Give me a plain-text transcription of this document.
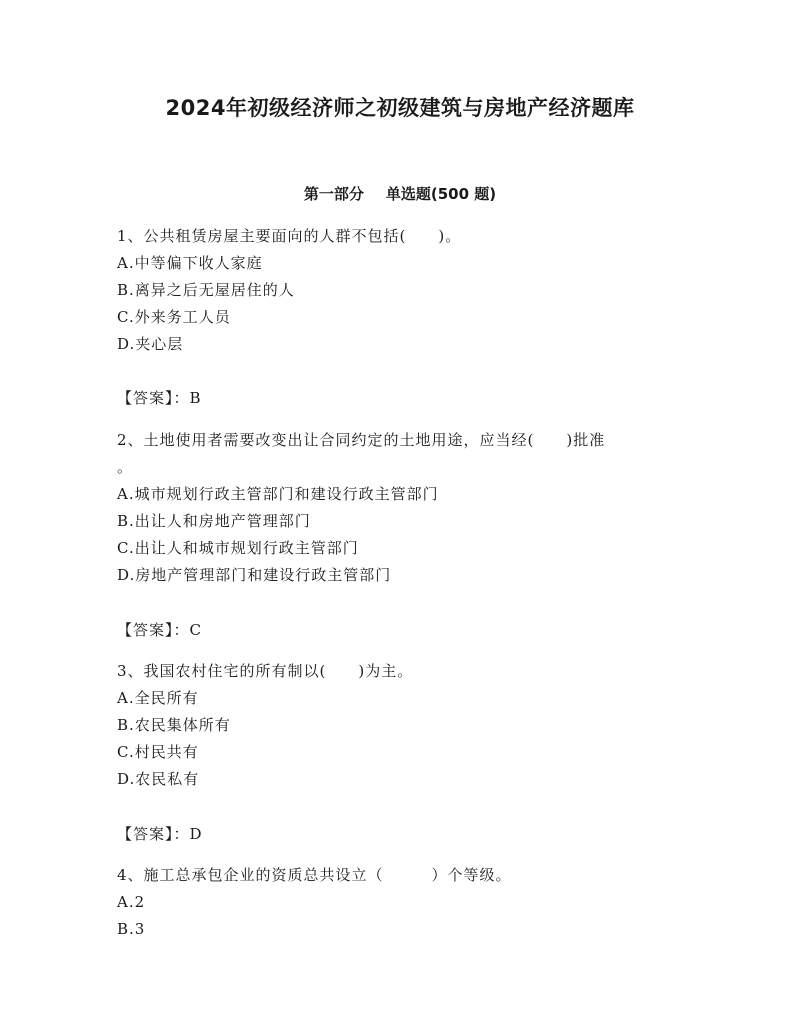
2024年初级经济师之初级建筑与房地产经济题库
第一部分 单选题(500 题)
1、公共租赁房屋主要面向的人群不包括(　　)。
A.中等偏下收人家庭
B.离异之后无屋居住的人
C.外来务工人员
D.夹心层
【答案】：B
2、土地使用者需要改变出让合同约定的土地用途，应当经(　　)批准
。
A.城市规划行政主管部门和建设行政主管部门
B.出让人和房地产管理部门
C.出让人和城市规划行政主管部门
D.房地产管理部门和建设行政主管部门
【答案】：C
3、我国农村住宅的所有制以(　　)为主。
A.全民所有
B.农民集体所有
C.村民共有
D.农民私有
【答案】：D
4、施工总承包企业的资质总共设立（　　　）个等级。
A.2
B.3
